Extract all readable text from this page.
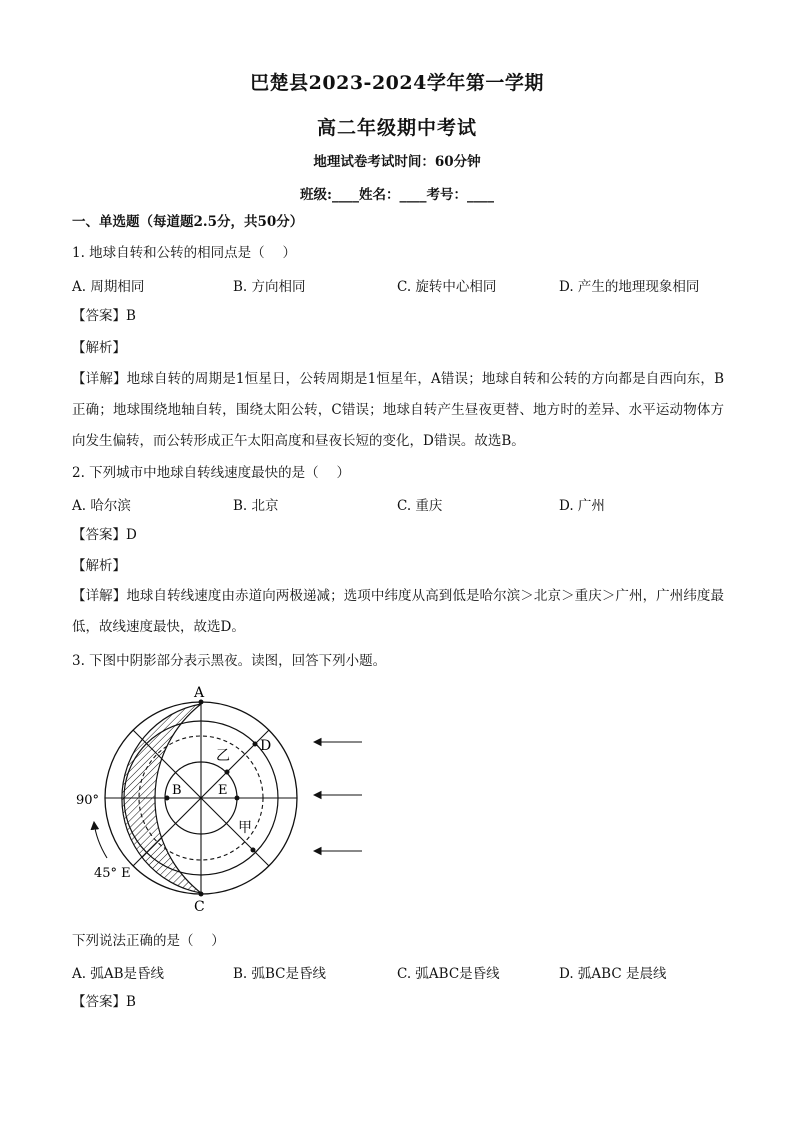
巴楚县2023-2024学年第一学期
高二年级期中考试
地理试卷考试时间：60分钟
班级:____姓名：____考号：____
一、单选题（每道题2.5分，共50分）
1. 地球自转和公转的相同点是（　 ）
A. 周期相同	B. 方向相同	C. 旋转中心相同	D. 产生的地理现象相同
【答案】B
【解析】
【详解】地球自转的周期是1恒星日，公转周期是1恒星年，A错误；地球自转和公转的方向都是自西向东，B正确；地球围绕地轴自转，围绕太阳公转，C错误；地球自转产生昼夜更替、地方时的差异、水平运动物体方向发生偏转，而公转形成正午太阳高度和昼夜长短的变化，D错误。故选B。
2. 下列城市中地球自转线速度最快的是（　 ）
A. 哈尔滨	B. 北京	C. 重庆	D. 广州
【答案】D
【解析】
【详解】地球自转线速度由赤道向两极递减；选项中纬度从高到低是哈尔滨＞北京＞重庆＞广州，广州纬度最低，故线速度最快，故选D。
3. 下图中阴影部分表示黑夜。读图，回答下列小题。
A
C
B	E
D
乙
甲
90°
45° E
下列说法正确的是（　 ）
A. 弧AB是昏线	B. 弧BC是昏线	C. 弧ABC是昏线	D. 弧ABC 是晨线
【答案】B
